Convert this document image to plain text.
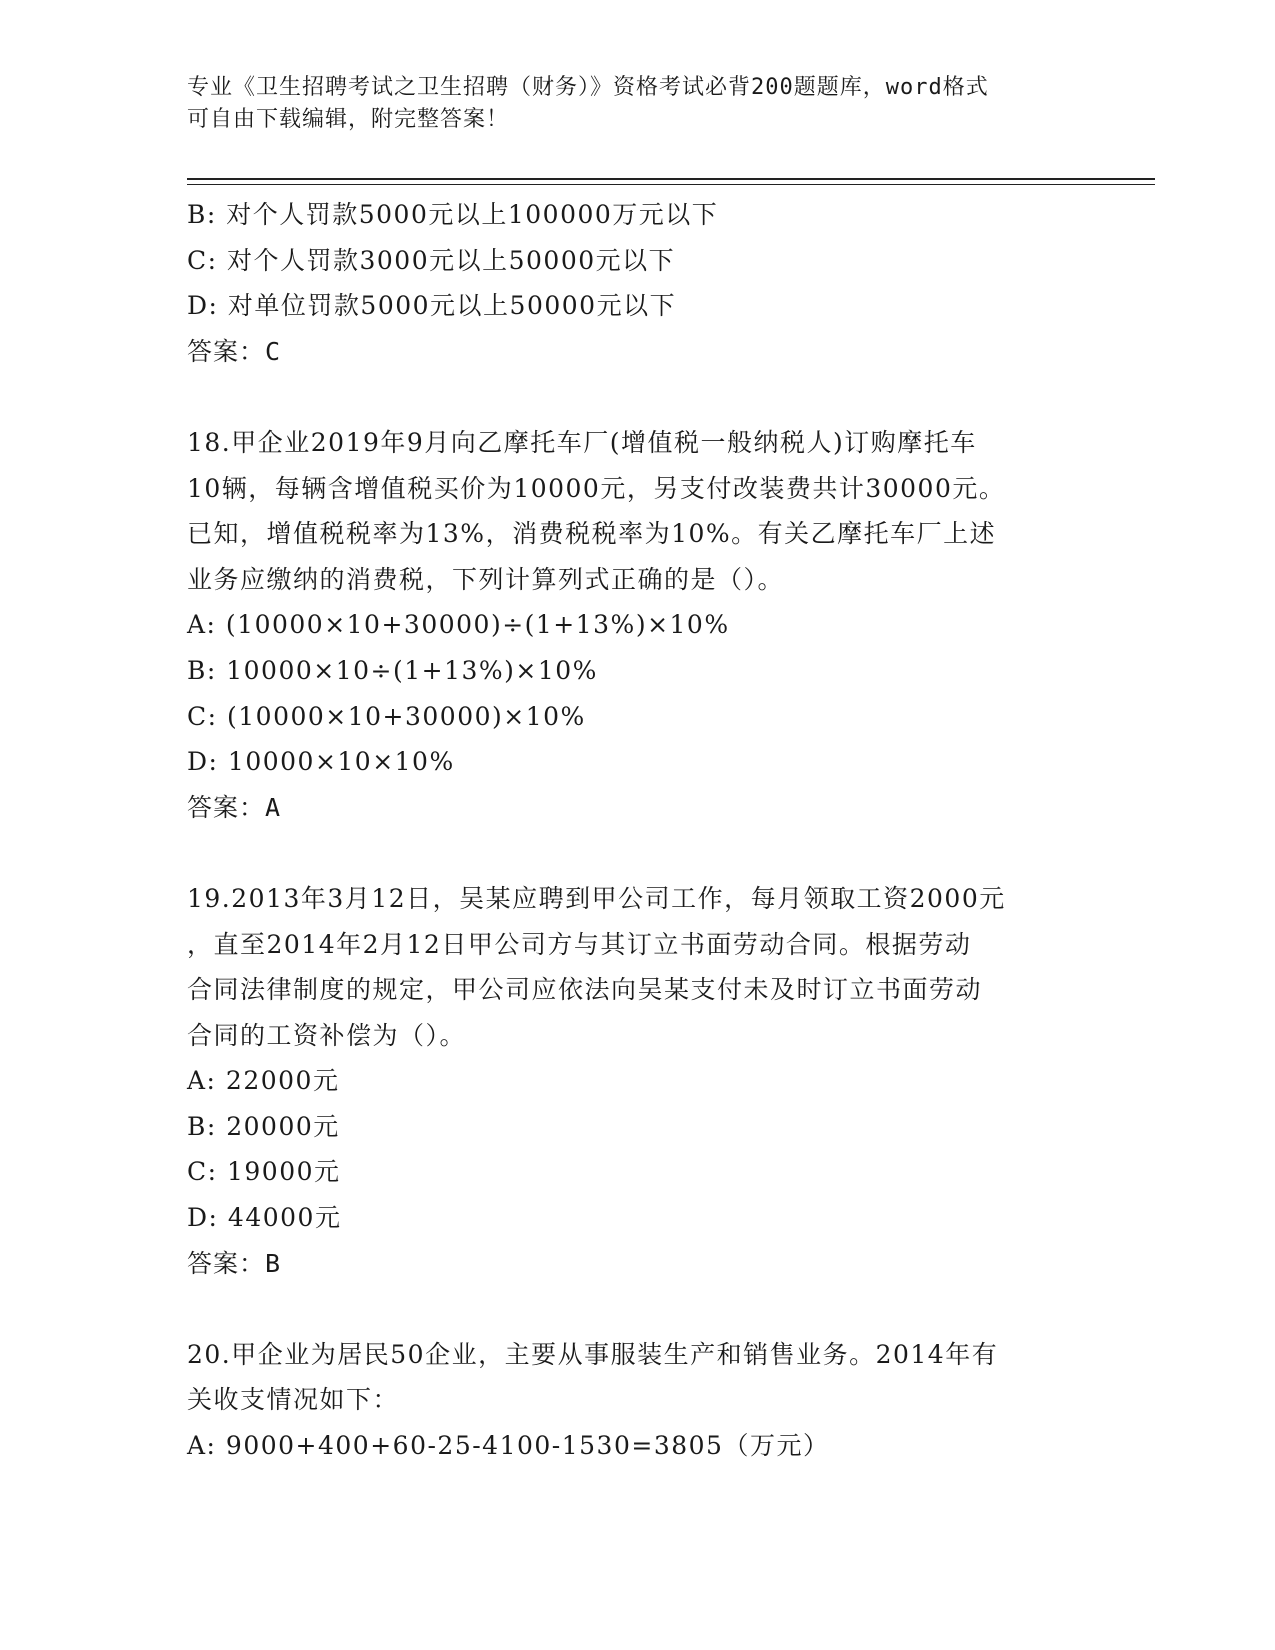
专业《卫生招聘考试之卫生招聘（财务）》资格考试必背200题题库，word格式
可自由下载编辑，附完整答案！

B: 对个人罚款5000元以上100000万元以下

C: 对个人罚款3000元以上50000元以下

D: 对单位罚款5000元以上50000元以下

答案：C

18.甲企业2019年9月向乙摩托车厂(增值税一般纳税人)订购摩托车

10辆，每辆含增值税买价为10000元，另支付改装费共计30000元。

已知，增值税税率为13%，消费税税率为10%。有关乙摩托车厂上述

业务应缴纳的消费税，下列计算列式正确的是（）。

A: (10000×10+30000)÷(1+13%)×10%

B: 10000×10÷(1+13%)×10%

C: (10000×10+30000)×10%

D: 10000×10×10%

答案：A

19.2013年3月12日，吴某应聘到甲公司工作，每月领取工资2000元

，直至2014年2月12日甲公司方与其订立书面劳动合同。根据劳动

合同法律制度的规定，甲公司应依法向吴某支付未及时订立书面劳动

合同的工资补偿为（）。

A: 22000元

B: 20000元

C: 19000元

D: 44000元

答案：B

20.甲企业为居民50企业，主要从事服装生产和销售业务。2014年有

关收支情况如下：

A: 9000+400+60-25-4100-1530=3805（万元）
